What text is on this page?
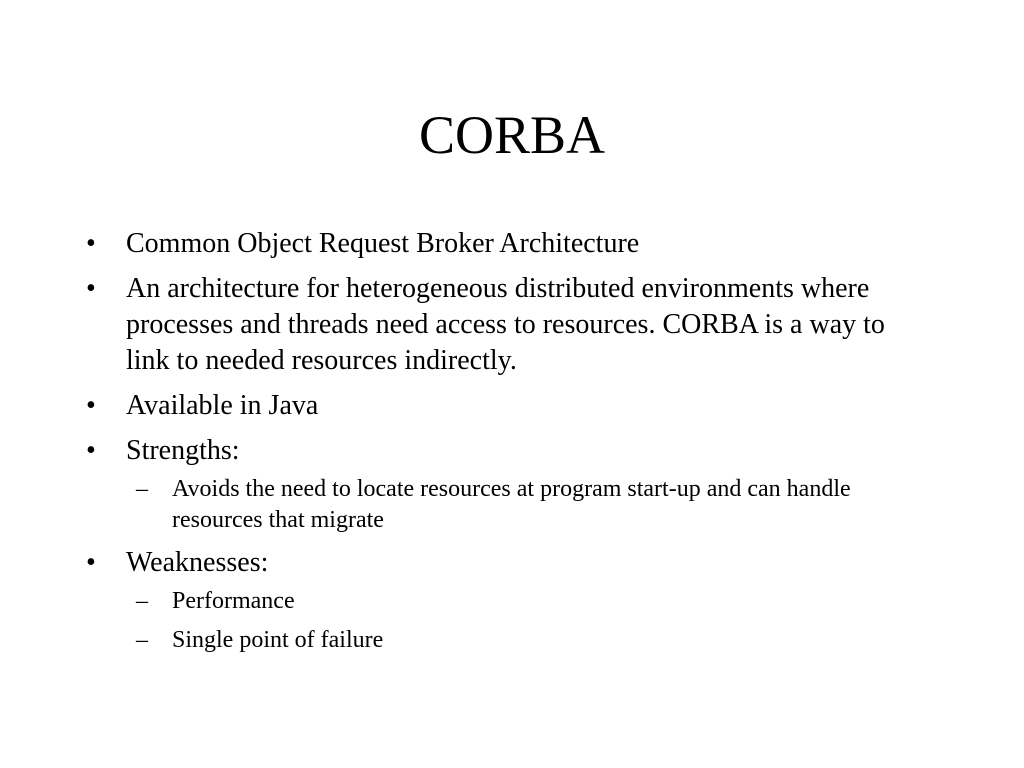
CORBA
•	Common Object Request Broker Architecture
•	An architecture for heterogeneous distributed environments where processes and threads need access to resources. CORBA is a way to link to needed resources indirectly.
•	Available in Java
•	Strengths:
–	Avoids the need to locate resources at program start-up and can handle resources that migrate
•	Weaknesses:
–	Performance
–	Single point of failure
